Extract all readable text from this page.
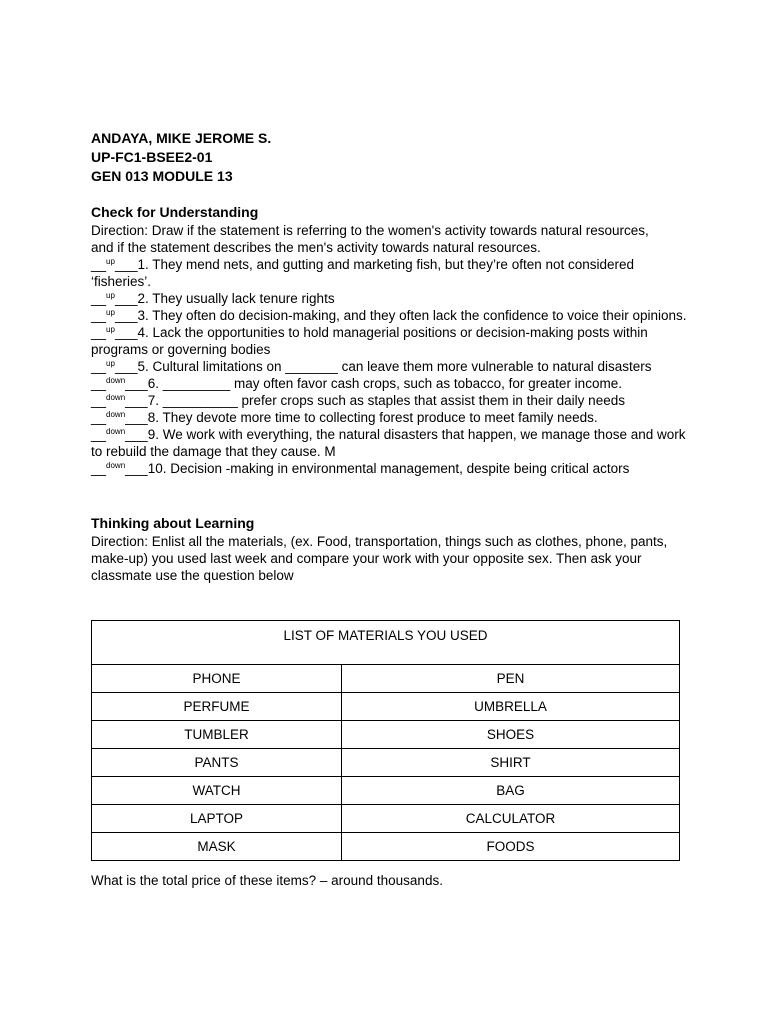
ANDAYA, MIKE JEROME S.
UP-FC1-BSEE2-01
GEN 013 MODULE 13
Check for Understanding
Direction: Draw if the statement is referring to the women's activity towards natural resources,
and if the statement describes the men's activity towards natural resources.
__$^{up}$___1. They mend nets, and gutting and marketing fish, but they’re often not considered ‘fisheries’.
__$^{up}$___2. They usually lack tenure rights
__$^{up}$___3. They often do decision-making, and they often lack the confidence to voice their opinions.
__$^{up}$___4. Lack the opportunities to hold managerial positions or decision-making posts within programs or governing bodies
__$^{up}$___5. Cultural limitations on _______ can leave them more vulnerable to natural disasters
__$^{down}$___6. _________ may often favor cash crops, such as tobacco, for greater income.
__$^{down}$___7. __________ prefer crops such as staples that assist them in their daily needs
__$^{down}$___8. They devote more time to collecting forest produce to meet family needs.
__$^{down}$___9. We work with everything, the natural disasters that happen, we manage those and work to rebuild the damage that they cause. M
__$^{down}$___10. Decision -making in environmental management, despite being critical actors
Thinking about Learning
Direction: Enlist all the materials, (ex. Food, transportation, things such as clothes, phone, pants, make-up) you used last week and compare your work with your opposite sex. Then ask your classmate use the question below
LIST OF MATERIALS YOU USED	
PHONE	PEN
PERFUME	UMBRELLA
TUMBLER	SHOES
PANTS	SHIRT
WATCH	BAG
LAPTOP	CALCULATOR
MASK	FOODS
What is the total price of these items? – around thousands.
